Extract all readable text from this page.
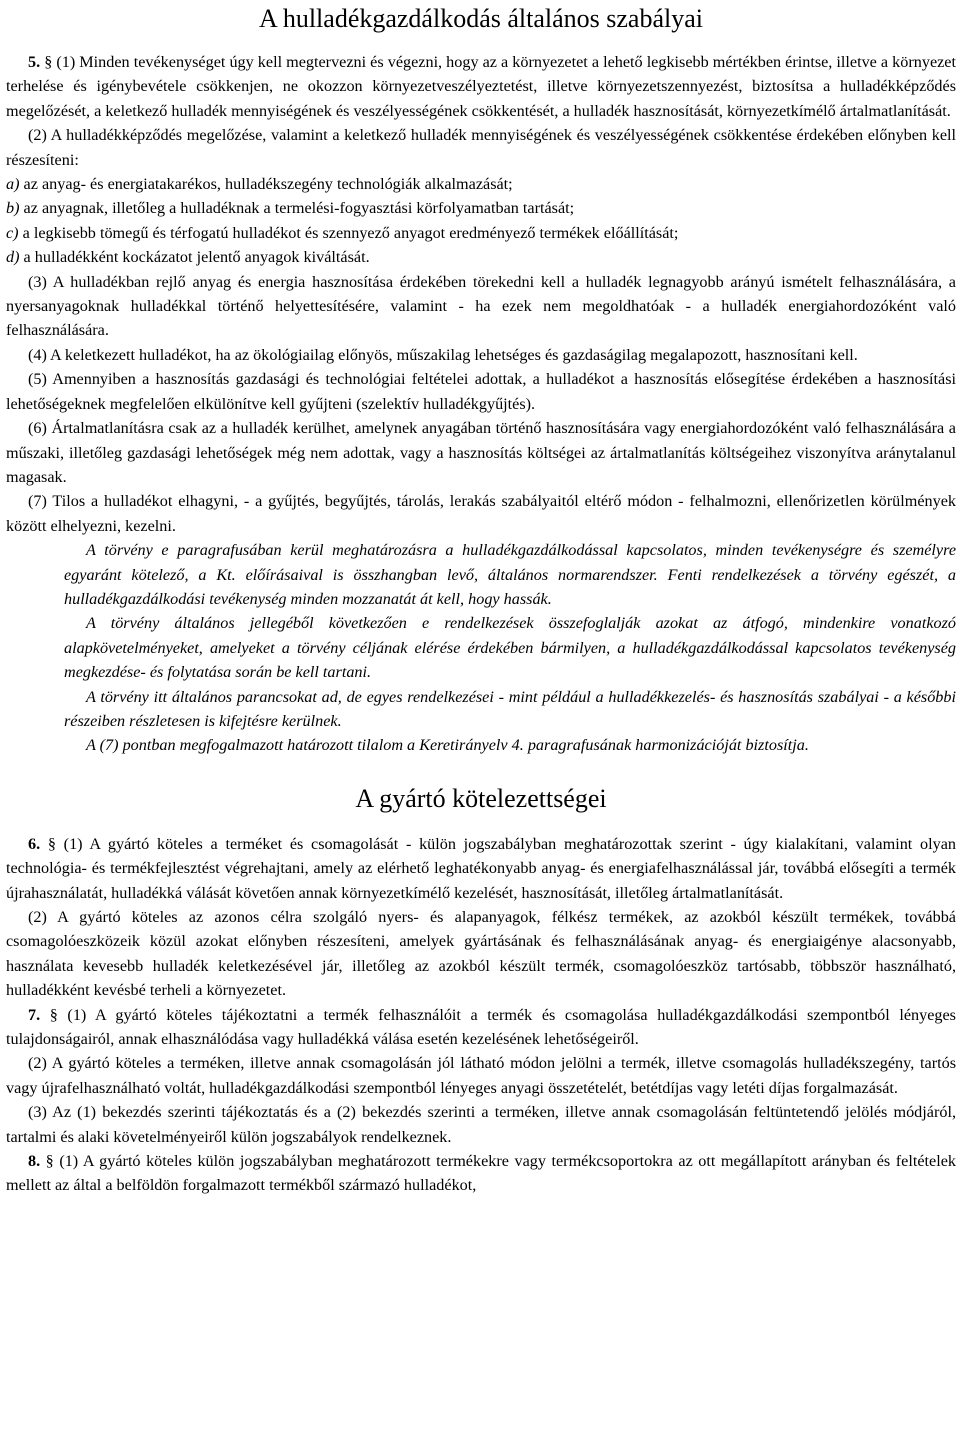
A hulladékgazdálkodás általános szabályai

5. § (1) Minden tevékenységet úgy kell megtervezni és végezni, hogy az a környezetet a lehető legkisebb mértékben érintse, illetve a környezet terhelése és igénybevétele csökkenjen, ne okozzon környezetveszélyeztetést, illetve környezetszennyezést, biztosítsa a hulladékképződés megelőzését, a keletkező hulladék mennyiségének és veszélyességének csökkentését, a hulladék hasznosítását, környezetkímélő ártalmatlanítását.

(2) A hulladékképződés megelőzése, valamint a keletkező hulladék mennyiségének és veszélyességének csökkentése érdekében előnyben kell részesíteni:

a) az anyag- és energiatakarékos, hulladékszegény technológiák alkalmazását;

b) az anyagnak, illetőleg a hulladéknak a termelési-fogyasztási körfolyamatban tartását;

c) a legkisebb tömegű és térfogatú hulladékot és szennyező anyagot eredményező termékek előállítását;

d) a hulladékként kockázatot jelentő anyagok kiváltását.

(3) A hulladékban rejlő anyag és energia hasznosítása érdekében törekedni kell a hulladék legnagyobb arányú ismételt felhasználására, a nyersanyagoknak hulladékkal történő helyettesítésére, valamint - ha ezek nem megoldhatóak - a hulladék energiahordozóként való felhasználására.

(4) A keletkezett hulladékot, ha az ökológiailag előnyös, műszakilag lehetséges és gazdaságilag megalapozott, hasznosítani kell.

(5) Amennyiben a hasznosítás gazdasági és technológiai feltételei adottak, a hulladékot a hasznosítás elősegítése érdekében a hasznosítási lehetőségeknek megfelelően elkülönítve kell gyűjteni (szelektív hulladékgyűjtés).

(6) Ártalmatlanításra csak az a hulladék kerülhet, amelynek anyagában történő hasznosítására vagy energiahordozóként való felhasználására a műszaki, illetőleg gazdasági lehetőségek még nem adottak, vagy a hasznosítás költségei az ártalmatlanítás költségeihez viszonyítva aránytalanul magasak.

(7) Tilos a hulladékot elhagyni, - a gyűjtés, begyűjtés, tárolás, lerakás szabályaitól eltérő módon - felhalmozni, ellenőrizetlen körülmények között elhelyezni, kezelni.

A törvény e paragrafusában kerül meghatározásra a hulladékgazdálkodással kapcsolatos, minden tevékenységre és személyre egyaránt kötelező, a Kt. előírásaival is összhangban levő, általános normarendszer. Fenti rendelkezések a törvény egészét, a hulladékgazdálkodási tevékenység minden mozzanatát át kell, hogy hassák.

A törvény általános jellegéből következően e rendelkezések összefoglalják azokat az átfogó, mindenkire vonatkozó alapkövetelményeket, amelyeket a törvény céljának elérése érdekében bármilyen, a hulladékgazdálkodással kapcsolatos tevékenység megkezdése- és folytatása során be kell tartani.

A törvény itt általános parancsokat ad, de egyes rendelkezései - mint például a hulladékkezelés- és hasznosítás szabályai - a későbbi részeiben részletesen is kifejtésre kerülnek.

A (7) pontban megfogalmazott határozott tilalom a Keretirányelv 4. paragrafusának harmonizációját biztosítja.

A gyártó kötelezettségei

6. § (1) A gyártó köteles a terméket és csomagolását - külön jogszabályban meghatározottak szerint - úgy kialakítani, valamint olyan technológia- és termékfejlesztést végrehajtani, amely az elérhető leghatékonyabb anyag- és energiafelhasználással jár, továbbá elősegíti a termék újrahasználatát, hulladékká válását követően annak környezetkímélő kezelését, hasznosítását, illetőleg ártalmatlanítását.

(2) A gyártó köteles az azonos célra szolgáló nyers- és alapanyagok, félkész termékek, az azokból készült termékek, továbbá csomagolóeszközeik közül azokat előnyben részesíteni, amelyek gyártásának és felhasználásának anyag- és energiaigénye alacsonyabb, használata kevesebb hulladék keletkezésével jár, illetőleg az azokból készült termék, csomagolóeszköz tartósabb, többször használható, hulladékként kevésbé terheli a környezetet.

7. § (1) A gyártó köteles tájékoztatni a termék felhasználóit a termék és csomagolása hulladékgazdálkodási szempontból lényeges tulajdonságairól, annak elhasználódása vagy hulladékká válása esetén kezelésének lehetőségeiről.

(2) A gyártó köteles a terméken, illetve annak csomagolásán jól látható módon jelölni a termék, illetve csomagolás hulladékszegény, tartós vagy újrafelhasználható voltát, hulladékgazdálkodási szempontból lényeges anyagi összetételét, betétdíjas vagy letéti díjas forgalmazását.

(3) Az (1) bekezdés szerinti tájékoztatás és a (2) bekezdés szerinti a terméken, illetve annak csomagolásán feltüntetendő jelölés módjáról, tartalmi és alaki követelményeiről külön jogszabályok rendelkeznek.

8. § (1) A gyártó köteles külön jogszabályban meghatározott termékekre vagy termékcsoportokra az ott megállapított arányban és feltételek mellett az által a belföldön forgalmazott termékből származó hulladékot,
